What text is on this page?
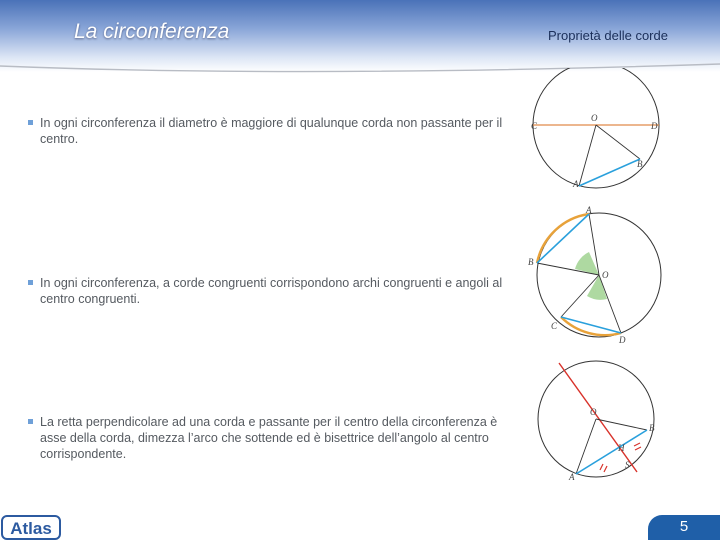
La circonferenza	Proprietà delle corde
In ogni circonferenza il diametro è maggiore di qualunque corda non passante per il centro.
In ogni circonferenza, a corde congruenti corrispondono archi congruenti e angoli al centro congruenti.
La retta perpendicolare ad una corda e passante per il centro della circonferenza è asse della corda, dimezza l’arco che sottende ed è bisettrice dell’angolo al centro corrispondente.
O
C	D
B
A
A
B
O
C
D
O
B
H
A
S
Atlas	5
